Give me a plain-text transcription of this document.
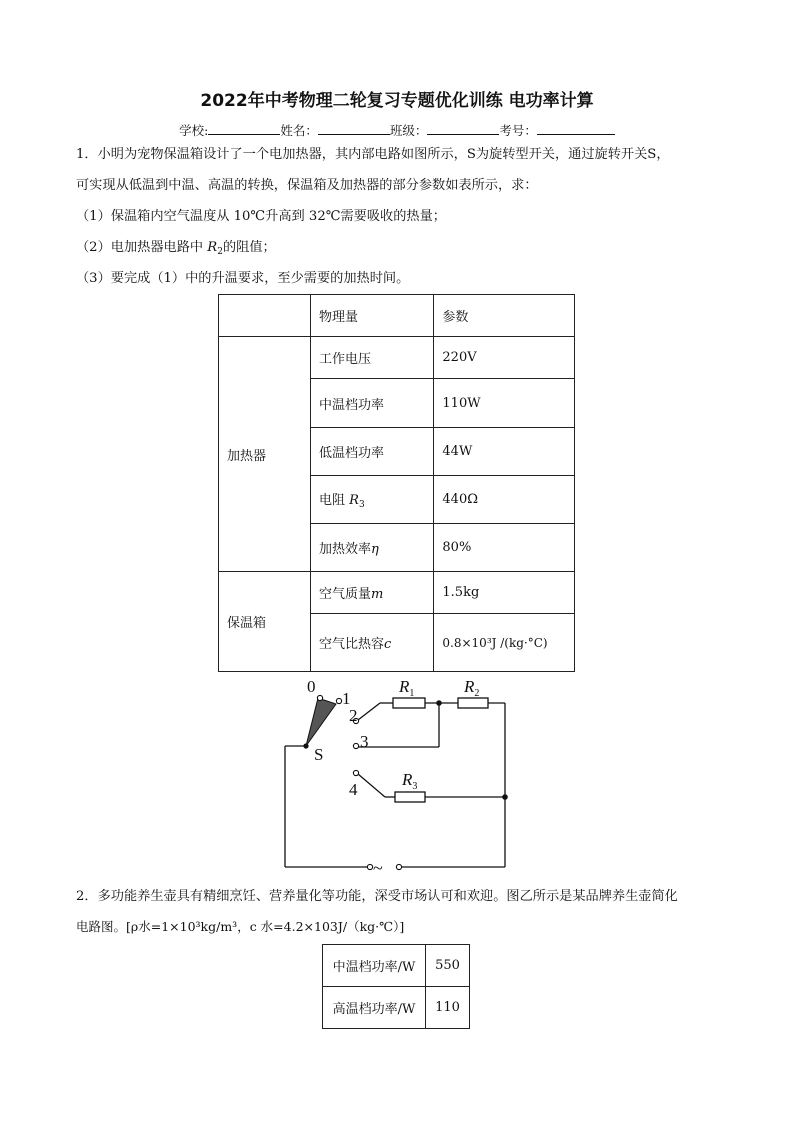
2022年中考物理二轮复习专题优化训练 电功率计算
学校:	姓名：	班级：	考号：
1．小明为宠物保温箱设计了一个电加热器，其内部电路如图所示，S为旋转型开关，通过旋转开关S，
可实现从低温到中温、高温的转换，保温箱及加热器的部分参数如表所示，求：
（1）保温箱内空气温度从 10℃升高到 32℃需要吸收的热量；
（2）电加热器电路中 $R_2$的阻值；
（3）要完成（1）中的升温要求，至少需要的加热时间。
	物理量	参数
加热器	工作电压	220V
	中温档功率	110W
	低温档功率	44W
	电阻 $R_3$	440Ω
	加热效率η	80%
保温箱	空气质量m	1.5kg
	空气比热容c	0.8×10³J /(kg·°C)
0
1
2
3
4
S
~
$R_1$	$R_2$
$R_3$
2．多功能养生壶具有精细烹饪、营养量化等功能，深受市场认可和欢迎。图乙所示是某品牌养生壶简化
电路图。[ρ水=1×10³kg/m³，c 水=4.2×103J/（kg·℃）]
中温档功率/W	550
高温档功率/W	110
